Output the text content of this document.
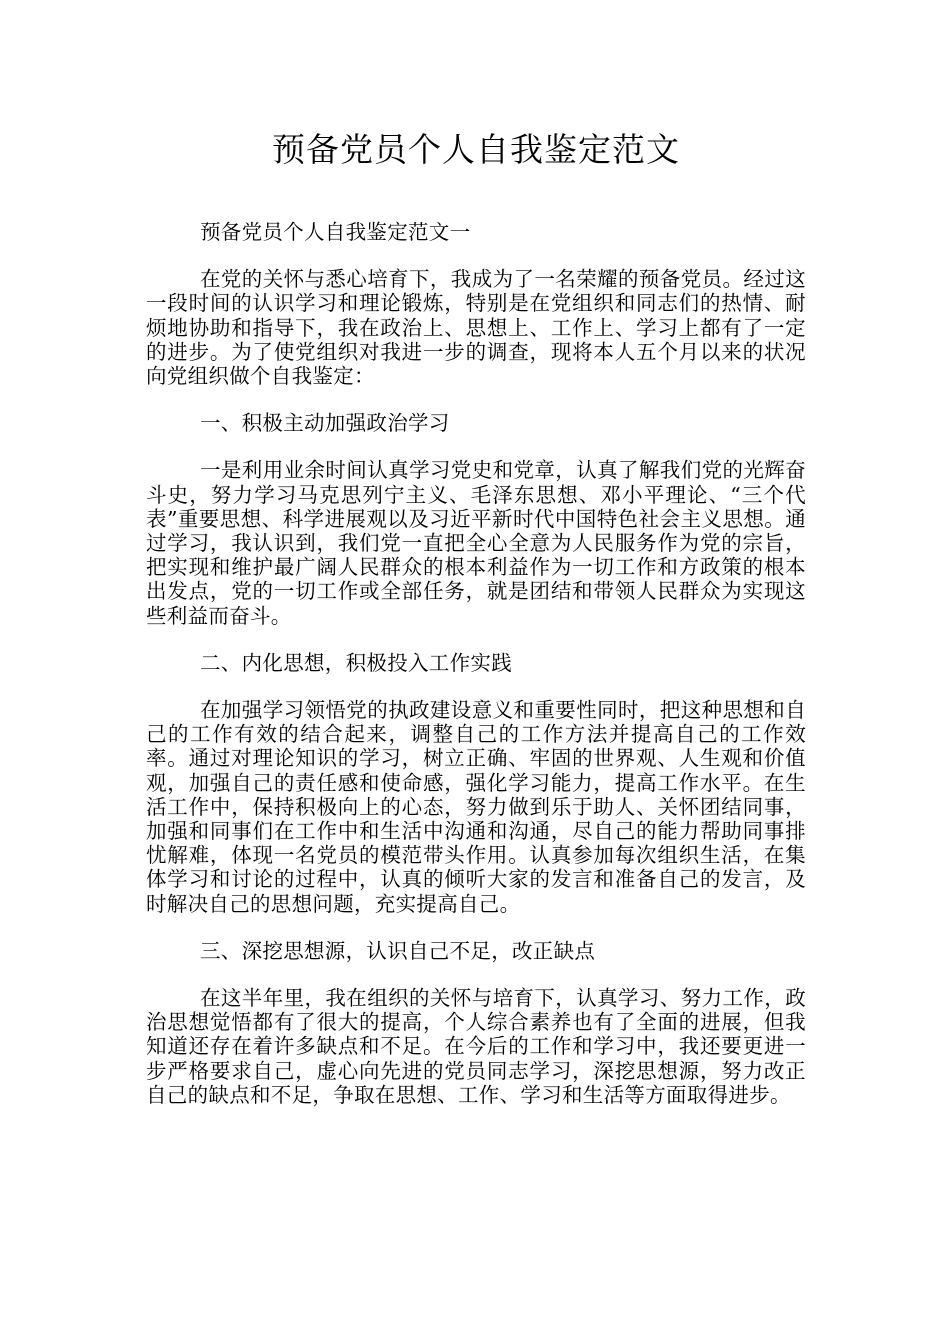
预备党员个人自我鉴定范文

预备党员个人自我鉴定范文一

在党的关怀与悉心培育下，我成为了一名荣耀的预备党员。经过这一段时间的认识学习和理论锻炼，特别是在党组织和同志们的热情、耐烦地协助和指导下，我在政治上、思想上、工作上、学习上都有了一定的进步。为了使党组织对我进一步的调查，现将本人五个月以来的状况向党组织做个自我鉴定：

一、积极主动加强政治学习

一是利用业余时间认真学习党史和党章，认真了解我们党的光辉奋斗史，努力学习马克思列宁主义、毛泽东思想、邓小平理论、“三个代表”重要思想、科学进展观以及习近平新时代中国特色社会主义思想。通过学习，我认识到，我们党一直把全心全意为人民服务作为党的宗旨，把实现和维护最广阔人民群众的根本利益作为一切工作和方政策的根本出发点，党的一切工作或全部任务，就是团结和带领人民群众为实现这些利益而奋斗。

二、内化思想，积极投入工作实践

在加强学习领悟党的执政建设意义和重要性同时，把这种思想和自己的工作有效的结合起来，调整自己的工作方法并提高自己的工作效率。通过对理论知识的学习，树立正确、牢固的世界观、人生观和价值观，加强自己的责任感和使命感，强化学习能力，提高工作水平。在生活工作中，保持积极向上的心态，努力做到乐于助人、关怀团结同事，加强和同事们在工作中和生活中沟通和沟通，尽自己的能力帮助同事排忧解难，体现一名党员的模范带头作用。认真参加每次组织生活，在集体学习和讨论的过程中，认真的倾听大家的发言和准备自己的发言，及时解决自己的思想问题，充实提高自己。

三、深挖思想源，认识自己不足，改正缺点

在这半年里，我在组织的关怀与培育下，认真学习、努力工作，政治思想觉悟都有了很大的提高，个人综合素养也有了全面的进展，但我知道还存在着许多缺点和不足。在今后的工作和学习中，我还要更进一步严格要求自己，虚心向先进的党员同志学习，深挖思想源，努力改正自己的缺点和不足，争取在思想、工作、学习和生活等方面取得进步。
